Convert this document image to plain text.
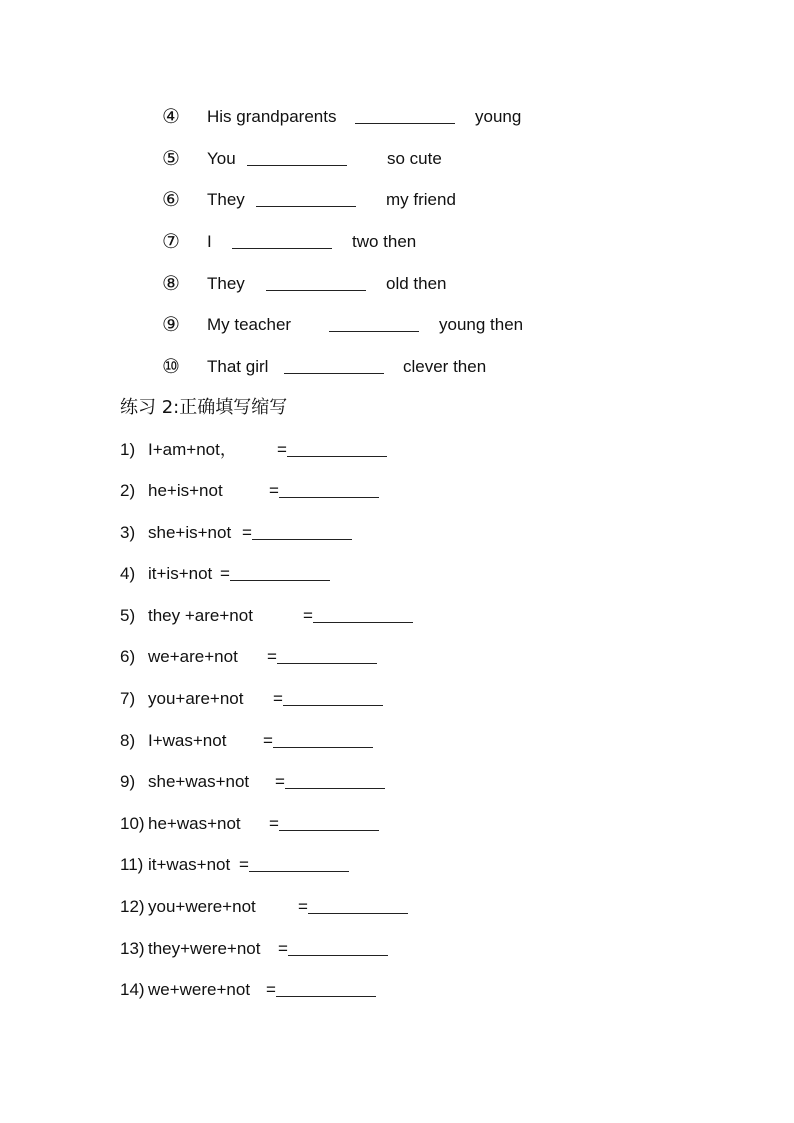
④ His grandparents	young
⑤ You	so cute
⑥ They	my friend
⑦ I	two then
⑧ They	old then
⑨ My teacher	young then
⑩ That girl	clever then
练习 2:正确填写缩写
1) I+am+not， =
2) he+is+not	=
3) she+is+not =
4) it+is+not =
5) they +are+not	=
6) we+are+not =
7) you+are+not =
8) I+was+not =
9) she+was+not =
10) he+was+not =
11) it+was+not =
12) you+were+not =
13) they+were+not =
14) we+were+not =
